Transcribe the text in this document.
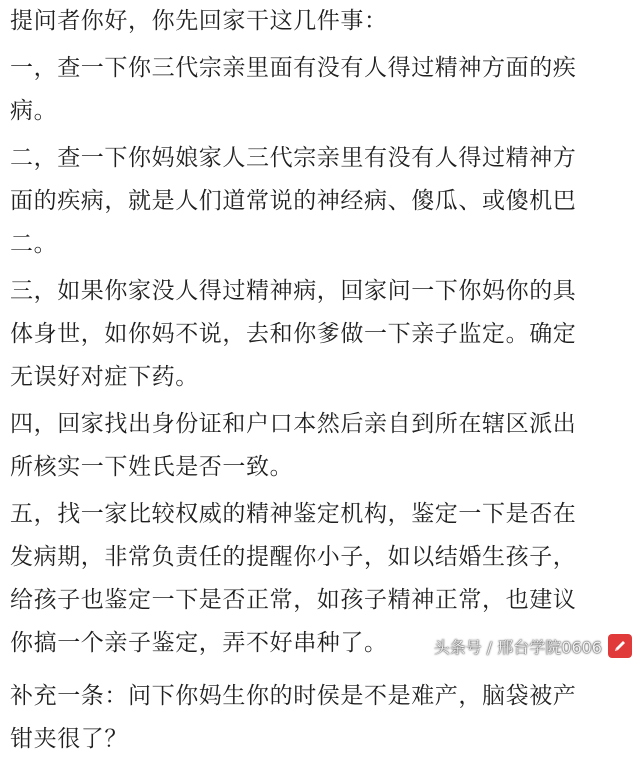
提问者你好，你先回家干这几件事：

一，查一下你三代宗亲里面有没有人得过精神方面的疾

病。

二，查一下你妈娘家人三代宗亲里有没有人得过精神方

面的疾病，就是人们道常说的神经病、傻瓜、或傻机巴

二。

三，如果你家没人得过精神病，回家问一下你妈你的具

体身世，如你妈不说，去和你爹做一下亲子监定。确定

无误好对症下药。

四，回家找出身份证和户口本然后亲自到所在辖区派出

所核实一下姓氏是否一致。

五，找一家比较权威的精神鉴定机构，鉴定一下是否在

发病期，非常负责任的提醒你小子，如以结婚生孩子，

给孩子也鉴定一下是否正常，如孩子精神正常，也建议

你搞一个亲子鉴定，弄不好串种了。

补充一条：问下你妈生你的时侯是不是难产，脑袋被产

钳夹很了？

头条号 / 邢台学院0606
